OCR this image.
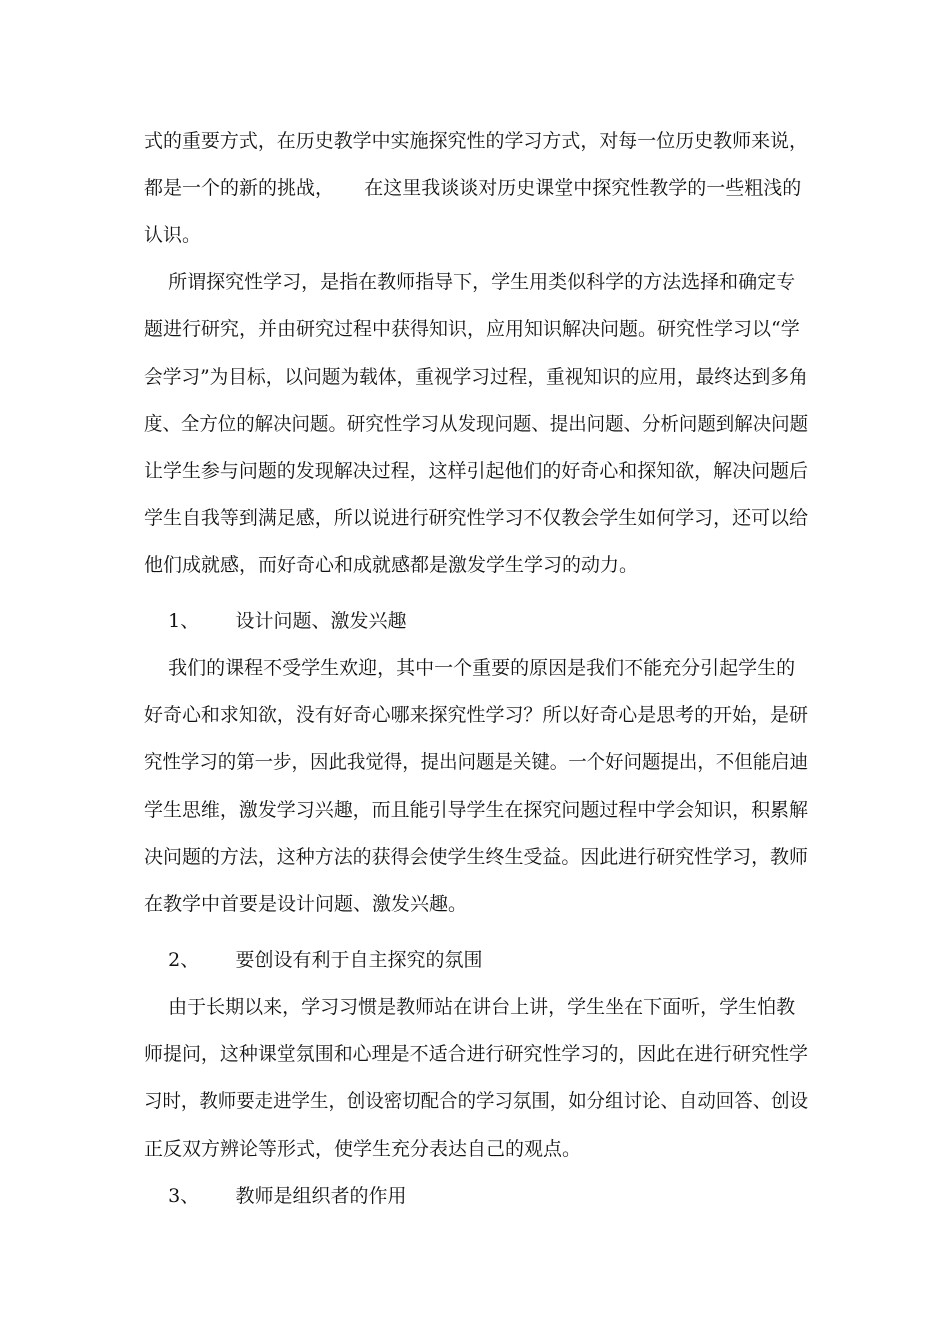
式的重要方式，在历史教学中实施探究性的学习方式，对每一位历史教师来说，
都是一个的新的挑战，     在这里我谈谈对历史课堂中探究性教学的一些粗浅的
认识。
所谓探究性学习，是指在教师指导下，学生用类似科学的方法选择和确定专
题进行研究，并由研究过程中获得知识，应用知识解决问题。研究性学习以“学
会学习”为目标，以问题为载体，重视学习过程，重视知识的应用，最终达到多角
度、全方位的解决问题。研究性学习从发现问题、提出问题、分析问题到解决问题
让学生参与问题的发现解决过程，这样引起他们的好奇心和探知欲，解决问题后
学生自我等到满足感，所以说进行研究性学习不仅教会学生如何学习，还可以给
他们成就感，而好奇心和成就感都是激发学生学习的动力。
1、      设计问题、激发兴趣
我们的课程不受学生欢迎，其中一个重要的原因是我们不能充分引起学生的
好奇心和求知欲，没有好奇心哪来探究性学习？所以好奇心是思考的开始，是研
究性学习的第一步，因此我觉得，提出问题是关键。一个好问题提出，不但能启迪
学生思维，激发学习兴趣，而且能引导学生在探究问题过程中学会知识，积累解
决问题的方法，这种方法的获得会使学生终生受益。因此进行研究性学习，教师
在教学中首要是设计问题、激发兴趣。
2、      要创设有利于自主探究的氛围
由于长期以来，学习习惯是教师站在讲台上讲，学生坐在下面听，学生怕教
师提问，这种课堂氛围和心理是不适合进行研究性学习的，因此在进行研究性学
习时，教师要走进学生，创设密切配合的学习氛围，如分组讨论、自动回答、创设
正反双方辨论等形式，使学生充分表达自己的观点。
3、      教师是组织者的作用
